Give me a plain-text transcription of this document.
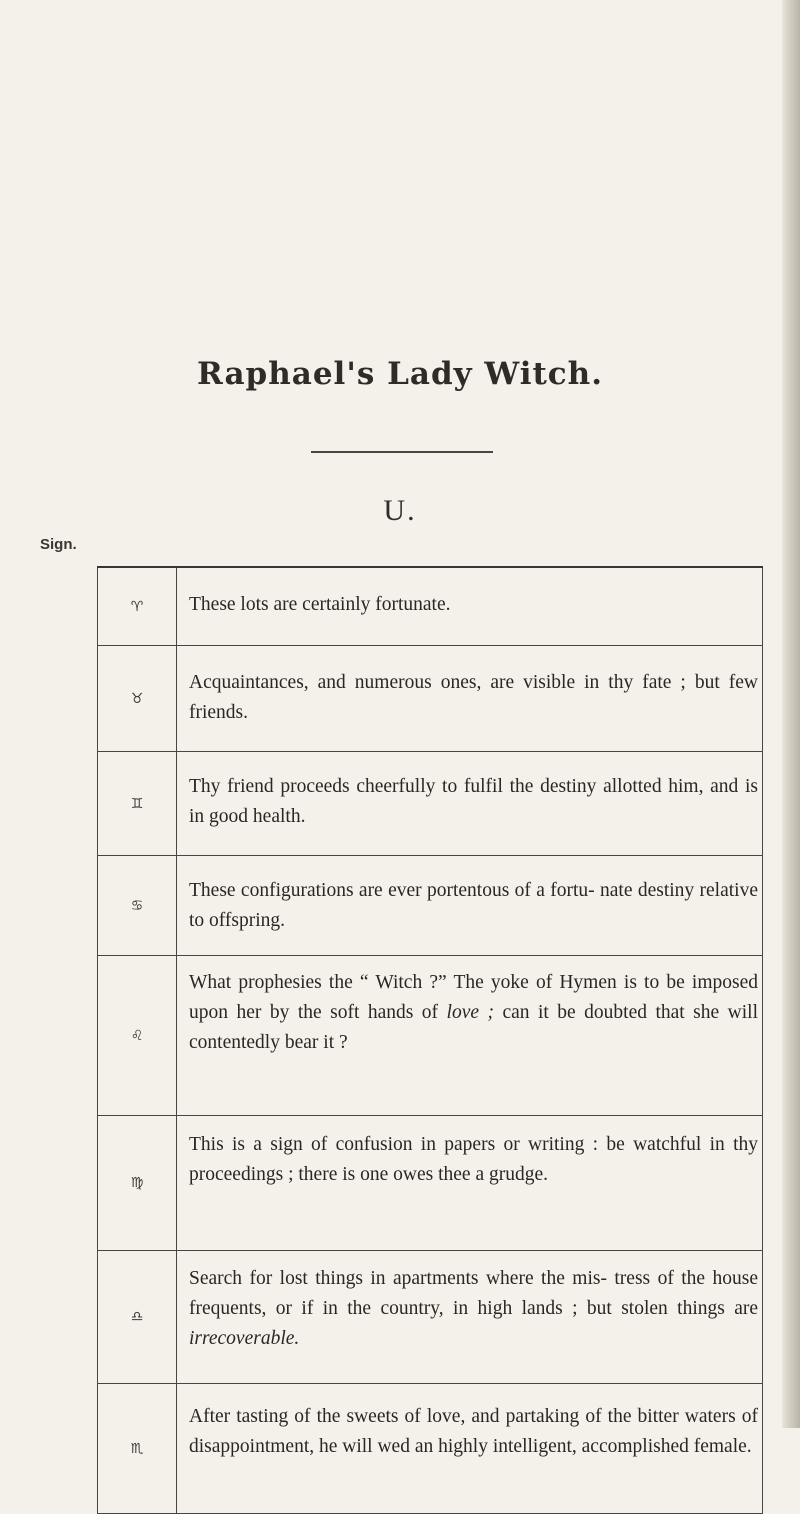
Raphael's Lady Witch.
U.
Sign.
♈	These lots are certainly fortunate.
♉
Acquaintances, and numerous ones, are visible in thy fate ; but few friends.
♊
Thy friend proceeds cheerfully to fulfil the destiny allotted him, and is in good health.
♋
These configurations are ever portentous of a fortu- nate destiny relative to offspring.
♌
What prophesies the “ Witch ?” The yoke of Hymen is to be imposed upon her by the soft hands of love ; can it be doubted that she will contentedly bear it ?
♍
This is a sign of confusion in papers or writing : be watchful in thy proceedings ; there is one owes thee a grudge.
♎
Search for lost things in apartments where the mis- tress of the house frequents, or if in the country, in high lands ; but stolen things are irrecoverable.
♏
After tasting of the sweets of love, and partaking of the bitter waters of disappointment, he will wed an highly intelligent, accomplished female.
